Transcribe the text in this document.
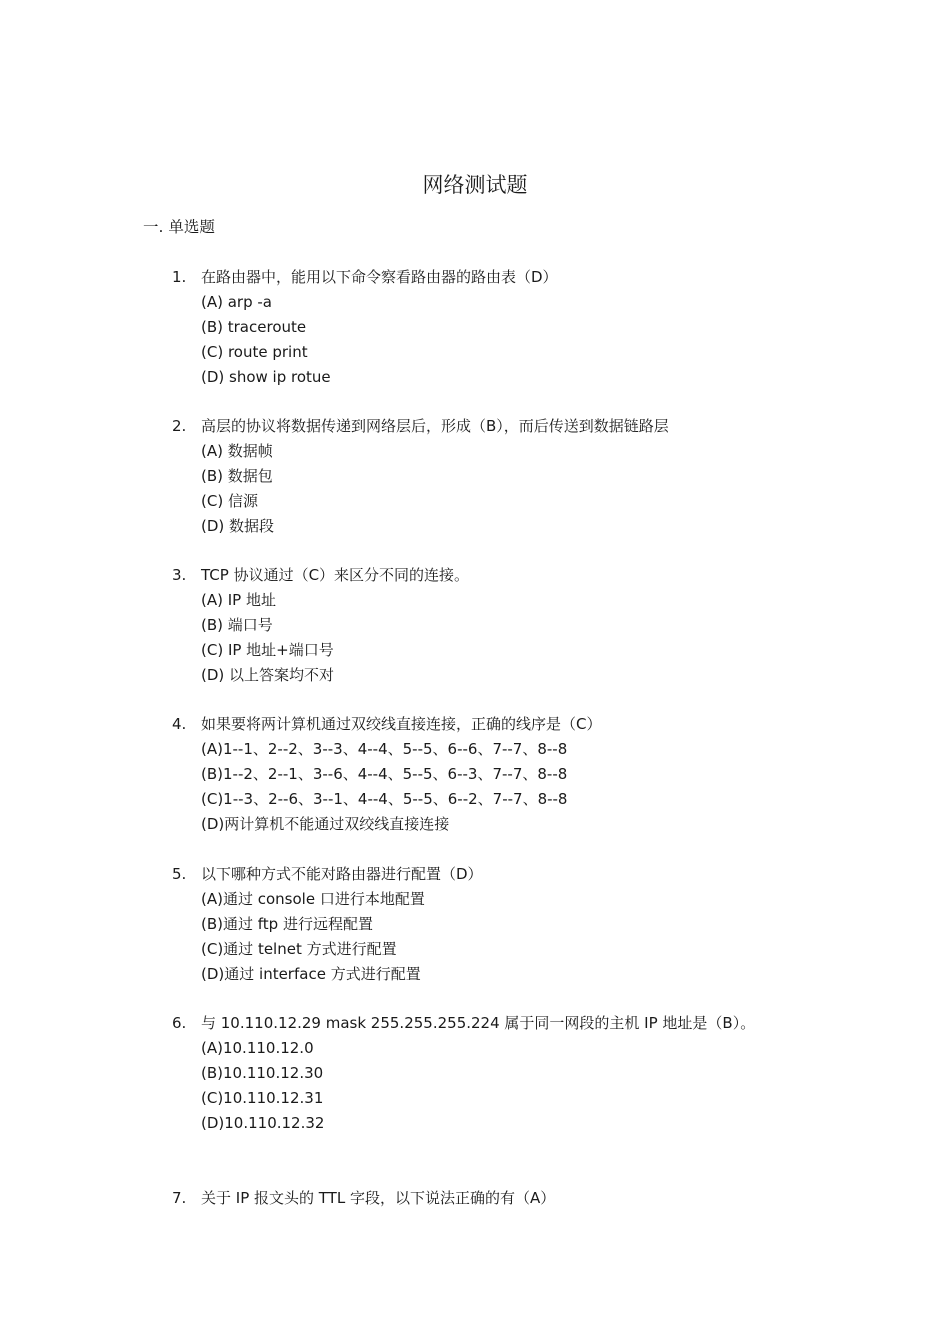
网络测试题
一. 单选题
1. 在路由器中，能用以下命令察看路由器的路由表（D）
(A) arp -a
(B) traceroute
(C) route print
(D) show ip rotue
2. 高层的协议将数据传递到网络层后，形成（B），而后传送到数据链路层
(A) 数据帧
(B) 数据包
(C) 信源
(D) 数据段
3. TCP 协议通过（C）来区分不同的连接。
(A) IP 地址
(B) 端口号
(C) IP 地址+端口号
(D) 以上答案均不对
4. 如果要将两计算机通过双绞线直接连接，正确的线序是（C）
(A)1--1、2--2、3--3、4--4、5--5、6--6、7--7、8--8
(B)1--2、2--1、3--6、4--4、5--5、6--3、7--7、8--8
(C)1--3、2--6、3--1、4--4、5--5、6--2、7--7、8--8
(D)两计算机不能通过双绞线直接连接
5. 以下哪种方式不能对路由器进行配置（D）
(A)通过 console 口进行本地配置
(B)通过 ftp 进行远程配置
(C)通过 telnet 方式进行配置
(D)通过 interface 方式进行配置
6. 与 10.110.12.29 mask 255.255.255.224 属于同一网段的主机 IP 地址是（B）。
(A)10.110.12.0
(B)10.110.12.30
(C)10.110.12.31
(D)10.110.12.32
7. 关于 IP 报文头的 TTL 字段，以下说法正确的有（A）
